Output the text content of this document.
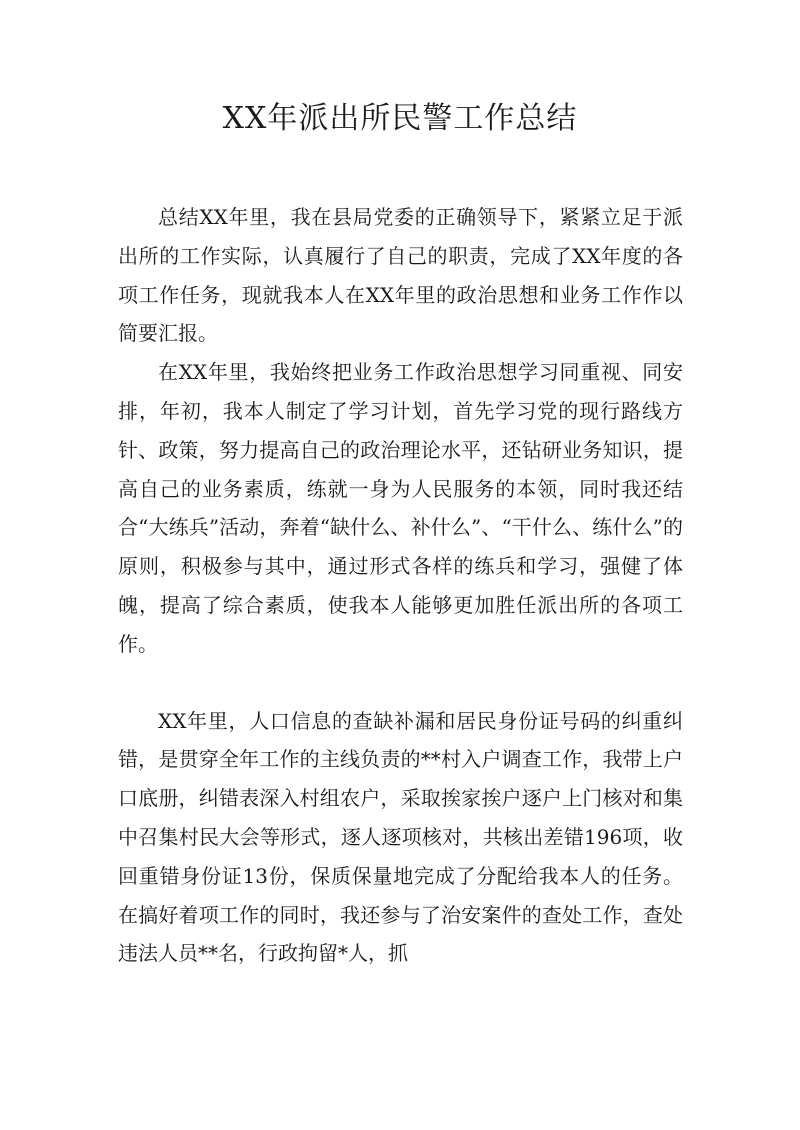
XX年派出所民警工作总结

总结XX年里，我在县局党委的正确领导下，紧紧立足于派出所的工作实际，认真履行了自己的职责，完成了XX年度的各项工作任务，现就我本人在XX年里的政治思想和业务工作作以简要汇报。

在XX年里，我始终把业务工作政治思想学习同重视、同安排，年初，我本人制定了学习计划，首先学习党的现行路线方针、政策，努力提高自己的政治理论水平，还钻研业务知识，提高自己的业务素质，练就一身为人民服务的本领，同时我还结合“大练兵”活动，奔着“缺什么、补什么”、“干什么、练什么”的原则，积极参与其中，通过形式各样的练兵和学习，强健了体魄，提高了综合素质，使我本人能够更加胜任派出所的各项工作。

XX年里，人口信息的查缺补漏和居民身份证号码的纠重纠错，是贯穿全年工作的主线负责的**村入户调查工作，我带上户口底册，纠错表深入村组农户，采取挨家挨户逐户上门核对和集中召集村民大会等形式，逐人逐项核对，共核出差错196项，收回重错身份证13份，保质保量地完成了分配给我本人的任务。在搞好着项工作的同时，我还参与了治安案件的查处工作，查处违法人员**名，行政拘留*人，抓
